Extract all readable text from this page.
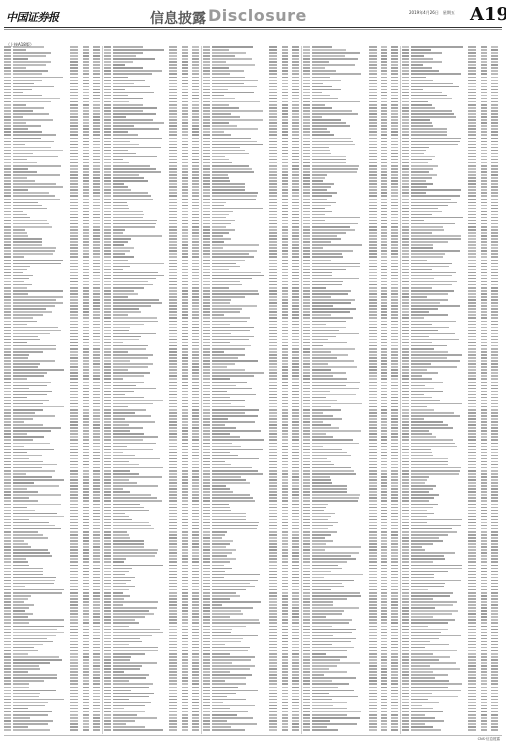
中国证券报	信息披露 Disclosure	2019年4月26日　星期五 A19
（上接A18版）
CNS·信息披露
